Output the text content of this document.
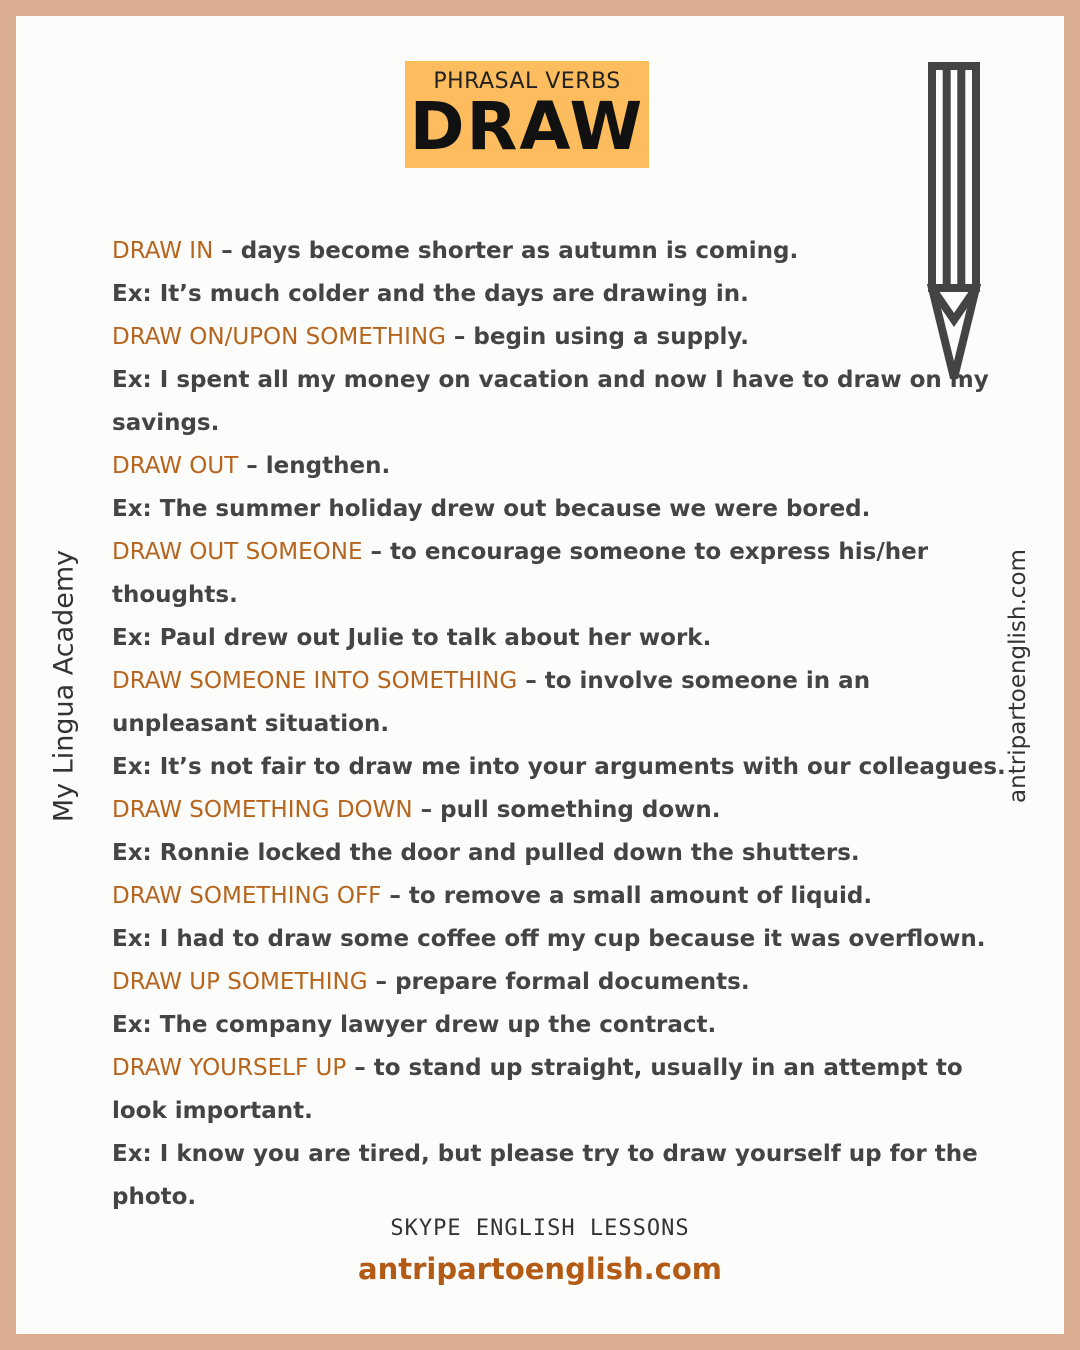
PHRASAL VERBS
DRAW
My Lingua Academy	antripartoenglish.com

DRAW IN – days become shorter as autumn is coming.

Ex: It’s much colder and the days are drawing in.

DRAW ON/UPON SOMETHING – begin using a supply.

Ex: I spent all my money on vacation and now I have to draw on my savings.

DRAW OUT – lengthen.

Ex: The summer holiday drew out because we were bored.

DRAW OUT SOMEONE – to encourage someone to express his/her thoughts.

Ex: Paul drew out Julie to talk about her work.

DRAW SOMEONE INTO SOMETHING – to involve someone in an unpleasant situation.

Ex: It’s not fair to draw me into your arguments with our colleagues.

DRAW SOMETHING DOWN – pull something down.

Ex: Ronnie locked the door and pulled down the shutters.

DRAW SOMETHING OFF – to remove a small amount of liquid.

Ex: I had to draw some coffee off my cup because it was overflown.

DRAW UP SOMETHING – prepare formal documents.

Ex: The company lawyer drew up the contract.

DRAW YOURSELF UP – to stand up straight, usually in an attempt to look important.

Ex: I know you are tired, but please try to draw yourself up for the photo.

SKYPE ENGLISH LESSONS
antripartoenglish.com
